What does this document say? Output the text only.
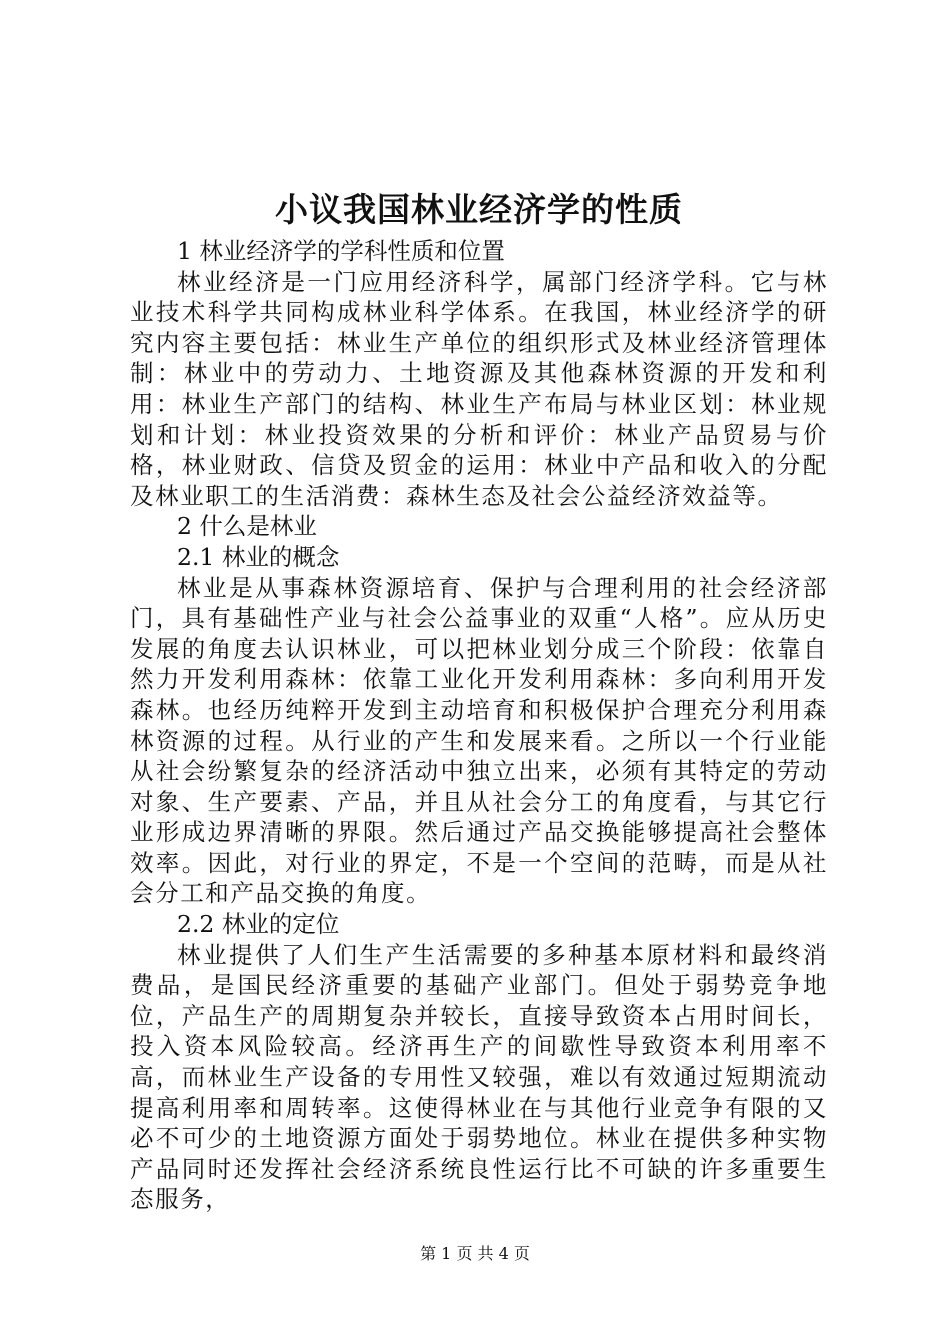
小议我国林业经济学的性质

1 林业经济学的学科性质和位置

林业经济是一门应用经济科学，属部门经济学科。它与林业技术科学共同构成林业科学体系。在我国，林业经济学的研究内容主要包括：林业生产单位的组织形式及林业经济管理体制：林业中的劳动力、土地资源及其他森林资源的开发和利用：林业生产部门的结构、林业生产布局与林业区划：林业规划和计划：林业投资效果的分析和评价：林业产品贸易与价格，林业财政、信贷及贸金的运用：林业中产品和收入的分配及林业职工的生活消费：森林生态及社会公益经济效益等。

2 什么是林业

2.1 林业的概念

林业是从事森林资源培育、保护与合理利用的社会经济部门，具有基础性产业与社会公益事业的双重“人格”。应从历史发展的角度去认识林业，可以把林业划分成三个阶段：依靠自然力开发利用森林：依靠工业化开发利用森林：多向利用开发森林。也经历纯粹开发到主动培育和积极保护合理充分利用森林资源的过程。从行业的产生和发展来看。之所以一个行业能从社会纷繁复杂的经济活动中独立出来，必须有其特定的劳动对象、生产要素、产品，并且从社会分工的角度看，与其它行业形成边界清晰的界限。然后通过产品交换能够提高社会整体效率。因此，对行业的界定，不是一个空间的范畴，而是从社会分工和产品交换的角度。

2.2 林业的定位

林业提供了人们生产生活需要的多种基本原材料和最终消费品，是国民经济重要的基础产业部门。但处于弱势竞争地位，产品生产的周期复杂并较长，直接导致资本占用时间长，投入资本风险较高。经济再生产的间歇性导致资本利用率不高，而林业生产设备的专用性又较强，难以有效通过短期流动提高利用率和周转率。这使得林业在与其他行业竞争有限的又必不可少的土地资源方面处于弱势地位。林业在提供多种实物产品同时还发挥社会经济系统良性运行比不可缺的许多重要生态服务，

第 1 页 共 4 页
